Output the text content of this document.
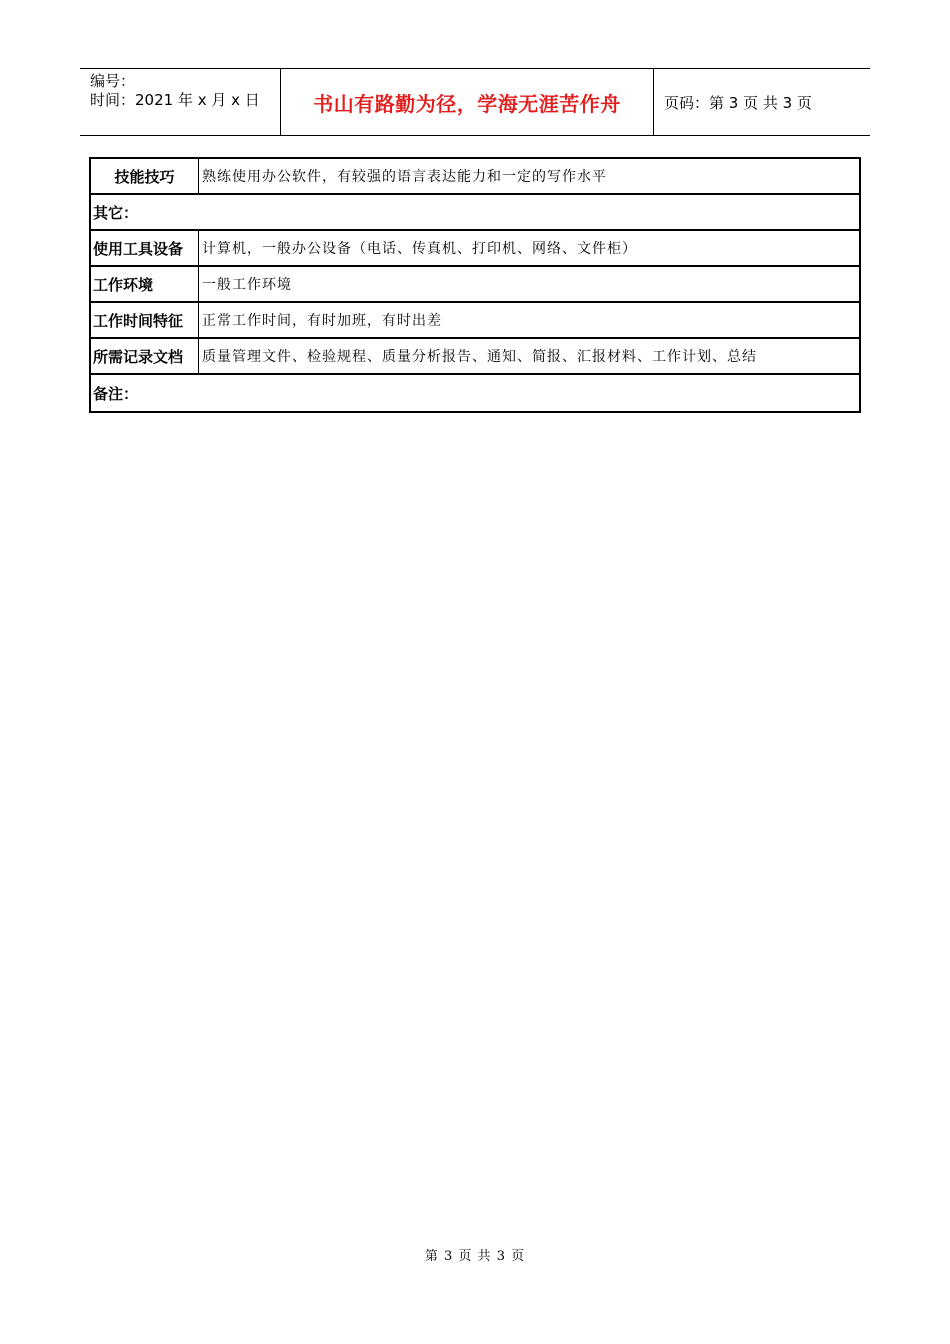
编号：
时间：2021 年 x 月 x 日	书山有路勤为径，学海无涯苦作舟	页码：第 3 页 共 3 页
技能技巧	熟练使用办公软件，有较强的语言表达能力和一定的写作水平
其它：
使用工具设备	计算机，一般办公设备（电话、传真机、打印机、网络、文件柜）
工作环境	一般工作环境
工作时间特征	正常工作时间，有时加班，有时出差
所需记录文档	质量管理文件、检验规程、质量分析报告、通知、简报、汇报材料、工作计划、总结
备注：
第 3 页 共 3 页
